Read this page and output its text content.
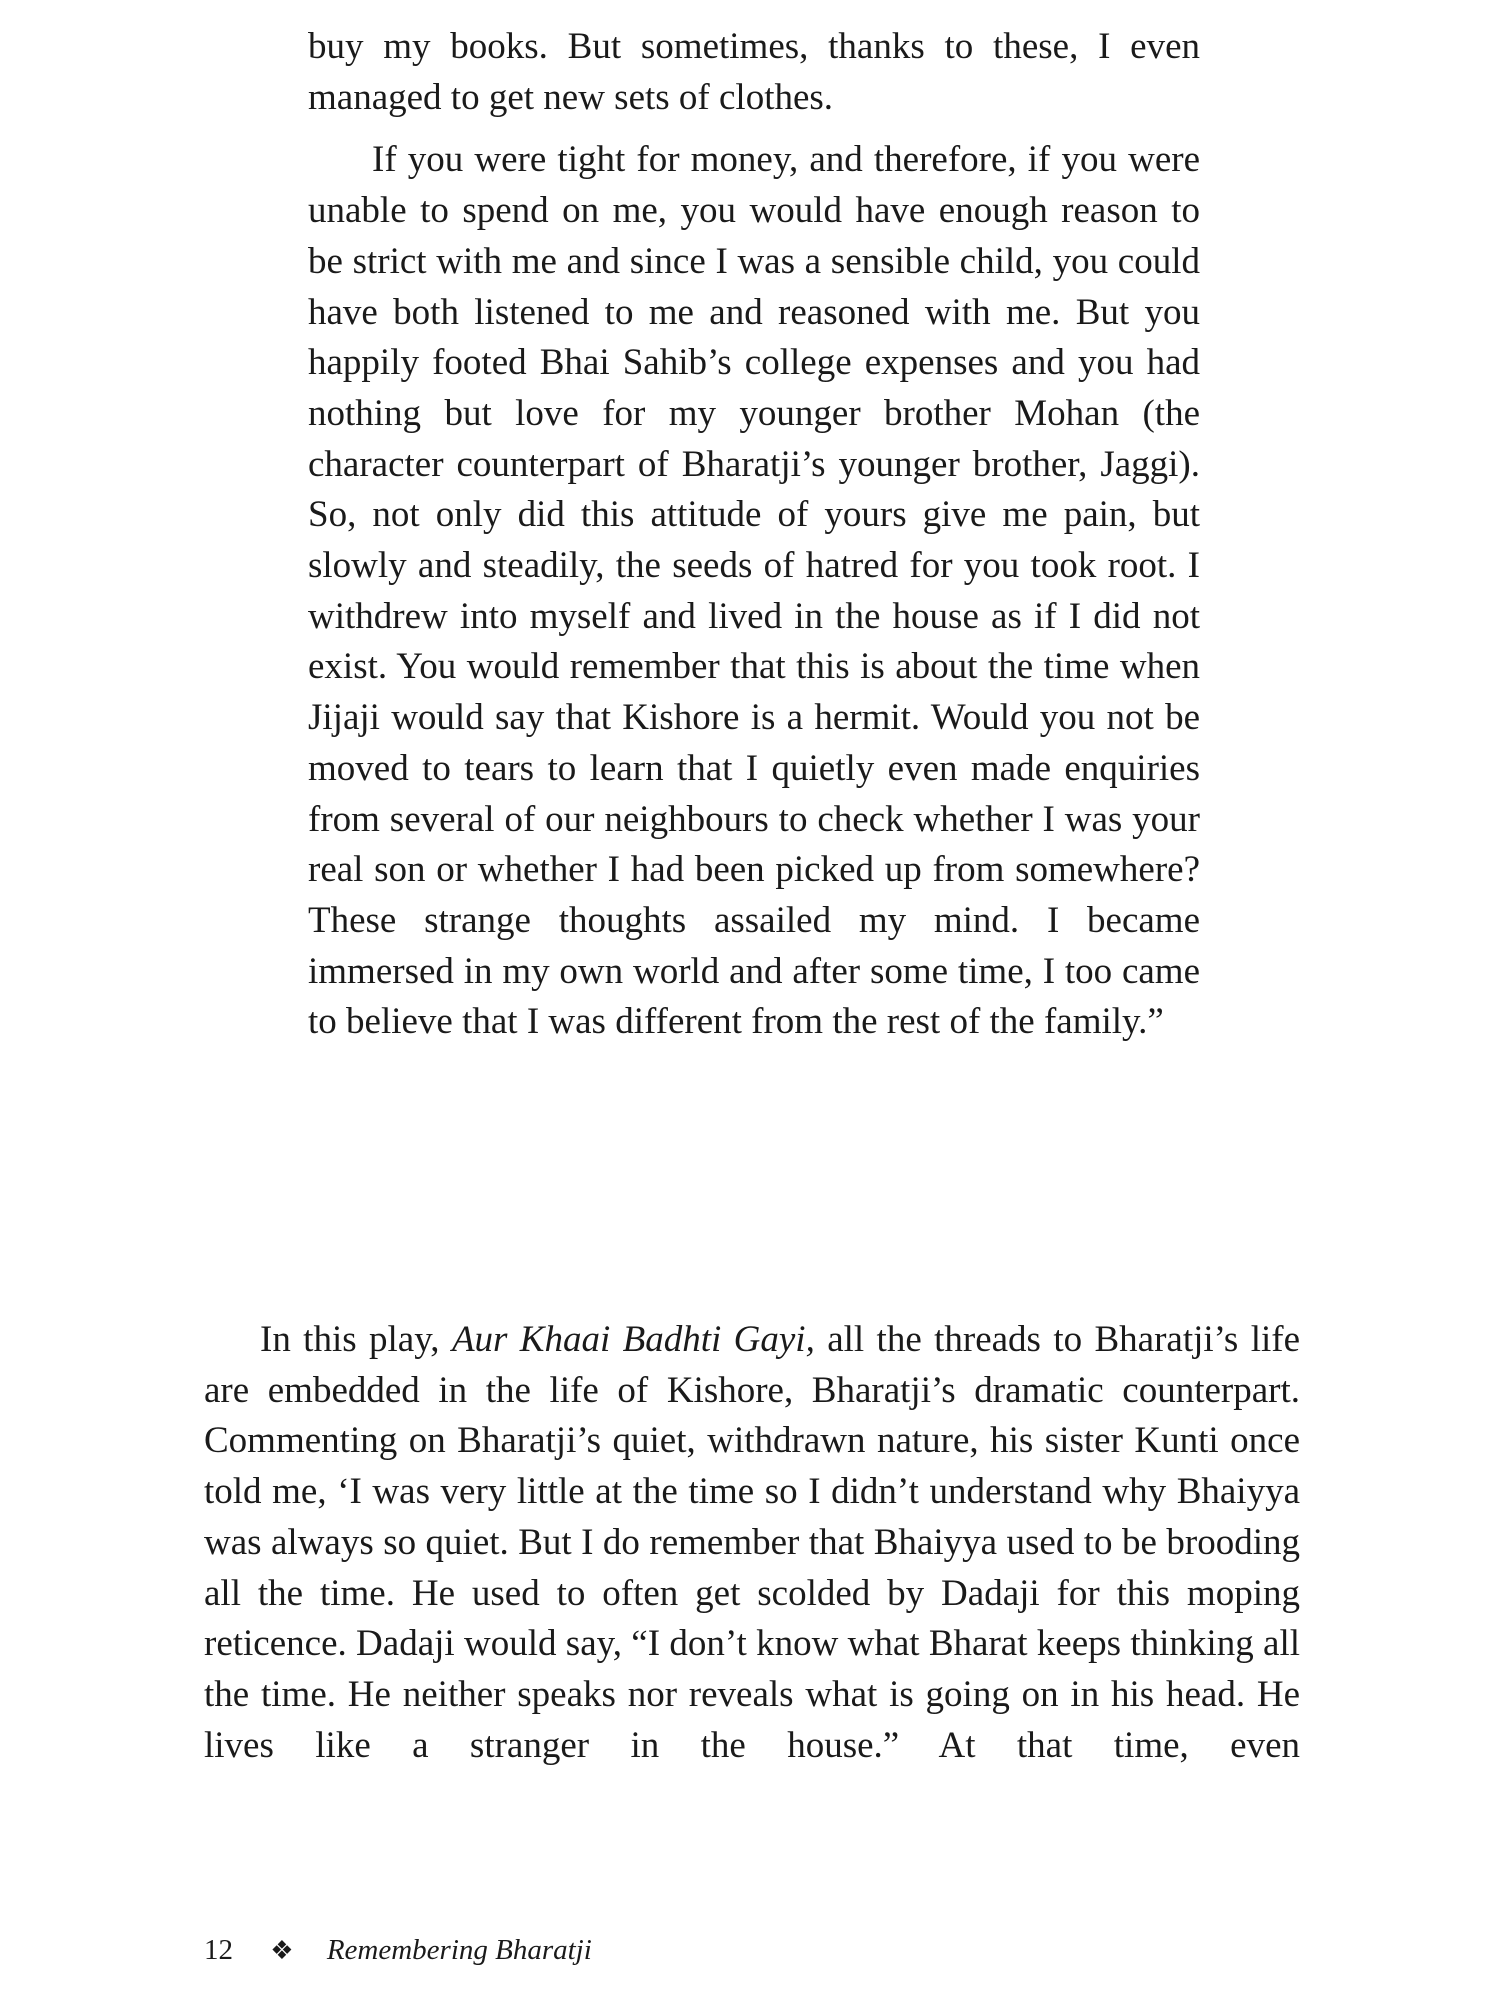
buy my books. But sometimes, thanks to these, I even managed to get new sets of clothes.

If you were tight for money, and therefore, if you were unable to spend on me, you would have enough reason to be strict with me and since I was a sensible child, you could have both listened to me and reasoned with me. But you happily footed Bhai Sahib’s college expenses and you had nothing but love for my younger brother Mohan (the character counterpart of Bharatji’s younger brother, Jaggi). So, not only did this attitude of yours give me pain, but slowly and steadily, the seeds of hatred for you took root. I withdrew into myself and lived in the house as if I did not exist. You would remember that this is about the time when Jijaji would say that Kishore is a hermit. Would you not be moved to tears to learn that I quietly even made enquiries from several of our neighbours to check whether I was your real son or whether I had been picked up from somewhere? These strange thoughts assailed my mind. I became immersed in my own world and after some time, I too came to believe that I was different from the rest of the family.”

In this play, Aur Khaai Badhti Gayi, all the threads to Bharatji’s life are embedded in the life of Kishore, Bharatji’s dramatic counterpart. Commenting on Bharatji’s quiet, withdrawn nature, his sister Kunti once told me, ‘I was very little at the time so I didn’t understand why Bhaiyya was always so quiet. But I do remember that Bhaiyya used to be brooding all the time. He used to often get scolded by Dadaji for this moping reticence. Dadaji would say, “I don’t know what Bharat keeps thinking all the time. He neither speaks nor reveals what is going on in his head. He lives like a stranger in the house.” At that time, even

12 ❖ Remembering Bharatji
